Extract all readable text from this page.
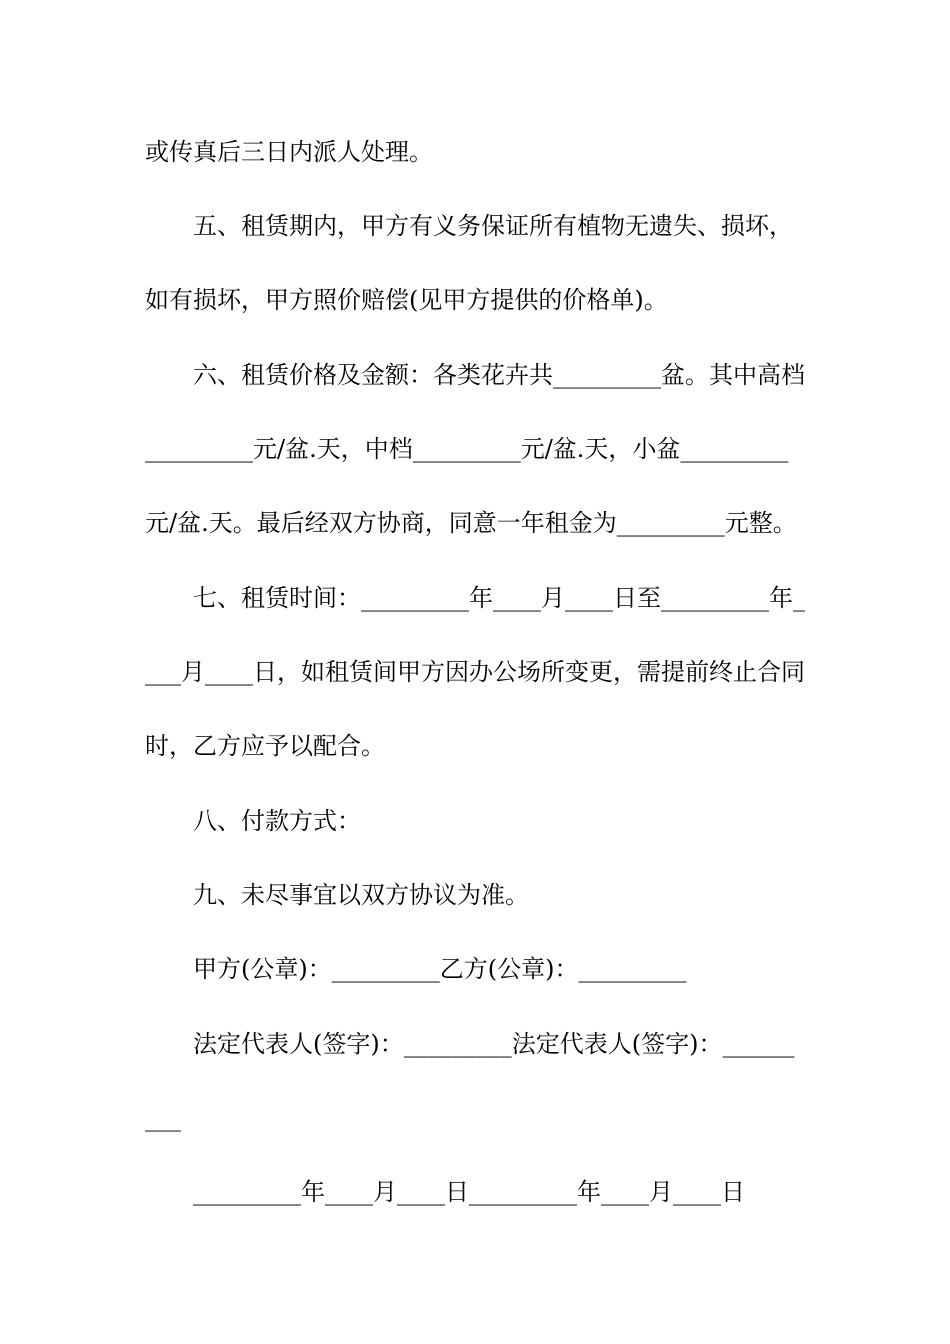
或传真后三日内派人处理。
五、租赁期内，甲方有义务保证所有植物无遗失、损坏，
如有损坏，甲方照价赔偿(见甲方提供的价格单)。
六、租赁价格及金额：各类花卉共_________盆。其中高档
_________元/盆.天，中档_________元/盆.天，小盆_________
元/盆.天。最后经双方协商，同意一年租金为_________元整。
七、租赁时间：_________年____月____日至_________年_
___月____日，如租赁间甲方因办公场所变更，需提前终止合同
时，乙方应予以配合。
八、付款方式：
九、未尽事宜以双方协议为准。
甲方(公章)：_________乙方(公章)：_________
法定代表人(签字)：_________法定代表人(签字)：______
___
_________年____月____日_________年____月____日
